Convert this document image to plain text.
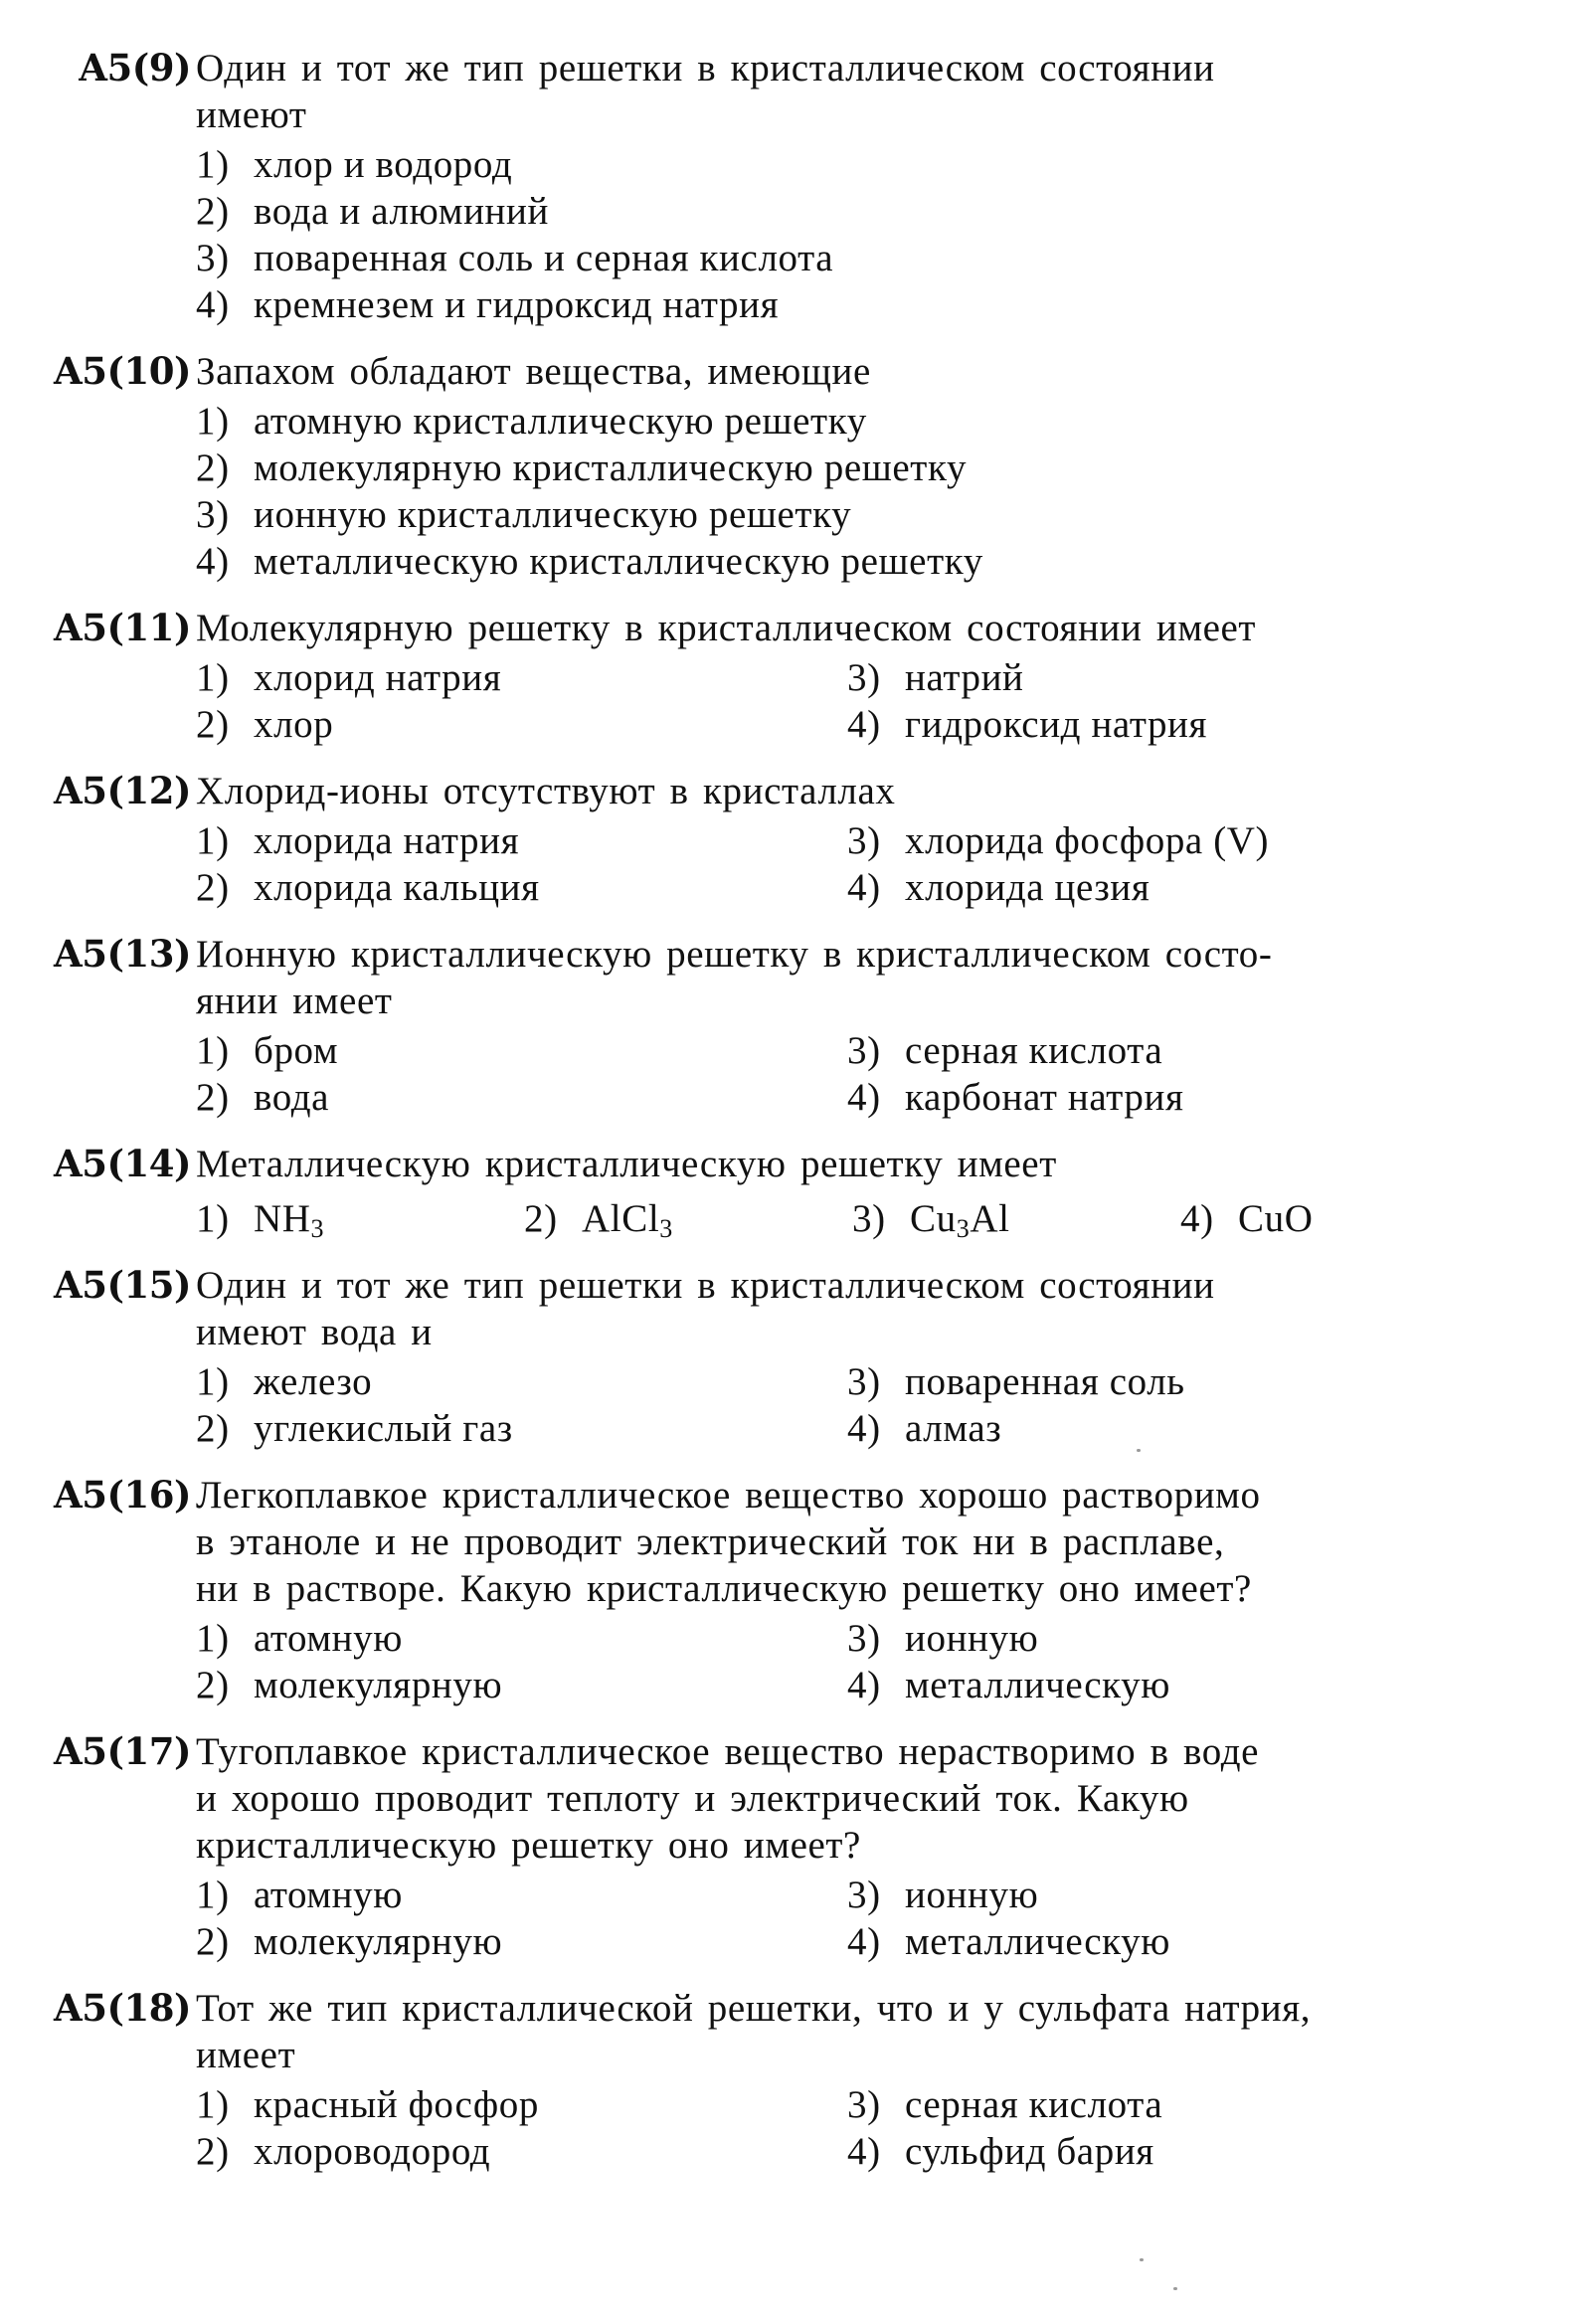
A5(9) Один и тот же тип решетки в кристаллическом состоянии
имеют
1) хлор и водород
2) вода и алюминий
3) поваренная соль и серная кислота
4) кремнезем и гидроксид натрия
A5(10) Запахом обладают вещества, имеющие
1) атомную кристаллическую решетку
2) молекулярную кристаллическую решетку
3) ионную кристаллическую решетку
4) металлическую кристаллическую решетку
A5(11) Молекулярную решетку в кристаллическом состоянии имеет
1) хлорид натрия	3) натрий
2) хлор	4) гидроксид натрия
A5(12) Хлорид-ионы отсутствуют в кристаллах
1) хлорида натрия	3) хлорида фосфора (V)
2) хлорида кальция	4) хлорида цезия
A5(13) Ионную кристаллическую решетку в кристаллическом состо-
янии имеет
1) бром	3) серная кислота
2) вода	4) карбонат натрия
A5(14) Металлическую кристаллическую решетку имеет
1) $NH_3$	2) AlCl$_3$	3) $Cu_3Al$	4) CuO
A5(15) Один и тот же тип решетки в кристаллическом состоянии
имеют вода и
1) железо	3) поваренная соль
2) углекислый газ	4) алмаз
A5(16) Легкоплавкое кристаллическое вещество хорошо растворимо
в этаноле и не проводит электрический ток ни в расплаве,
ни в растворе. Какую кристаллическую решетку оно имеет?
1) атомную	3) ионную
2) молекулярную	4) металлическую
A5(17) Тугоплавкое кристаллическое вещество нерастворимо в воде
и хорошо проводит теплоту и электрический ток. Какую
кристаллическую решетку оно имеет?
1) атомную	3) ионную
2) молекулярную	4) металлическую
A5(18) Тот же тип кристаллической решетки, что и у сульфата натрия,
имеет
1) красный фосфор	3) серная кислота
2) хлороводород	4) сульфид бария
